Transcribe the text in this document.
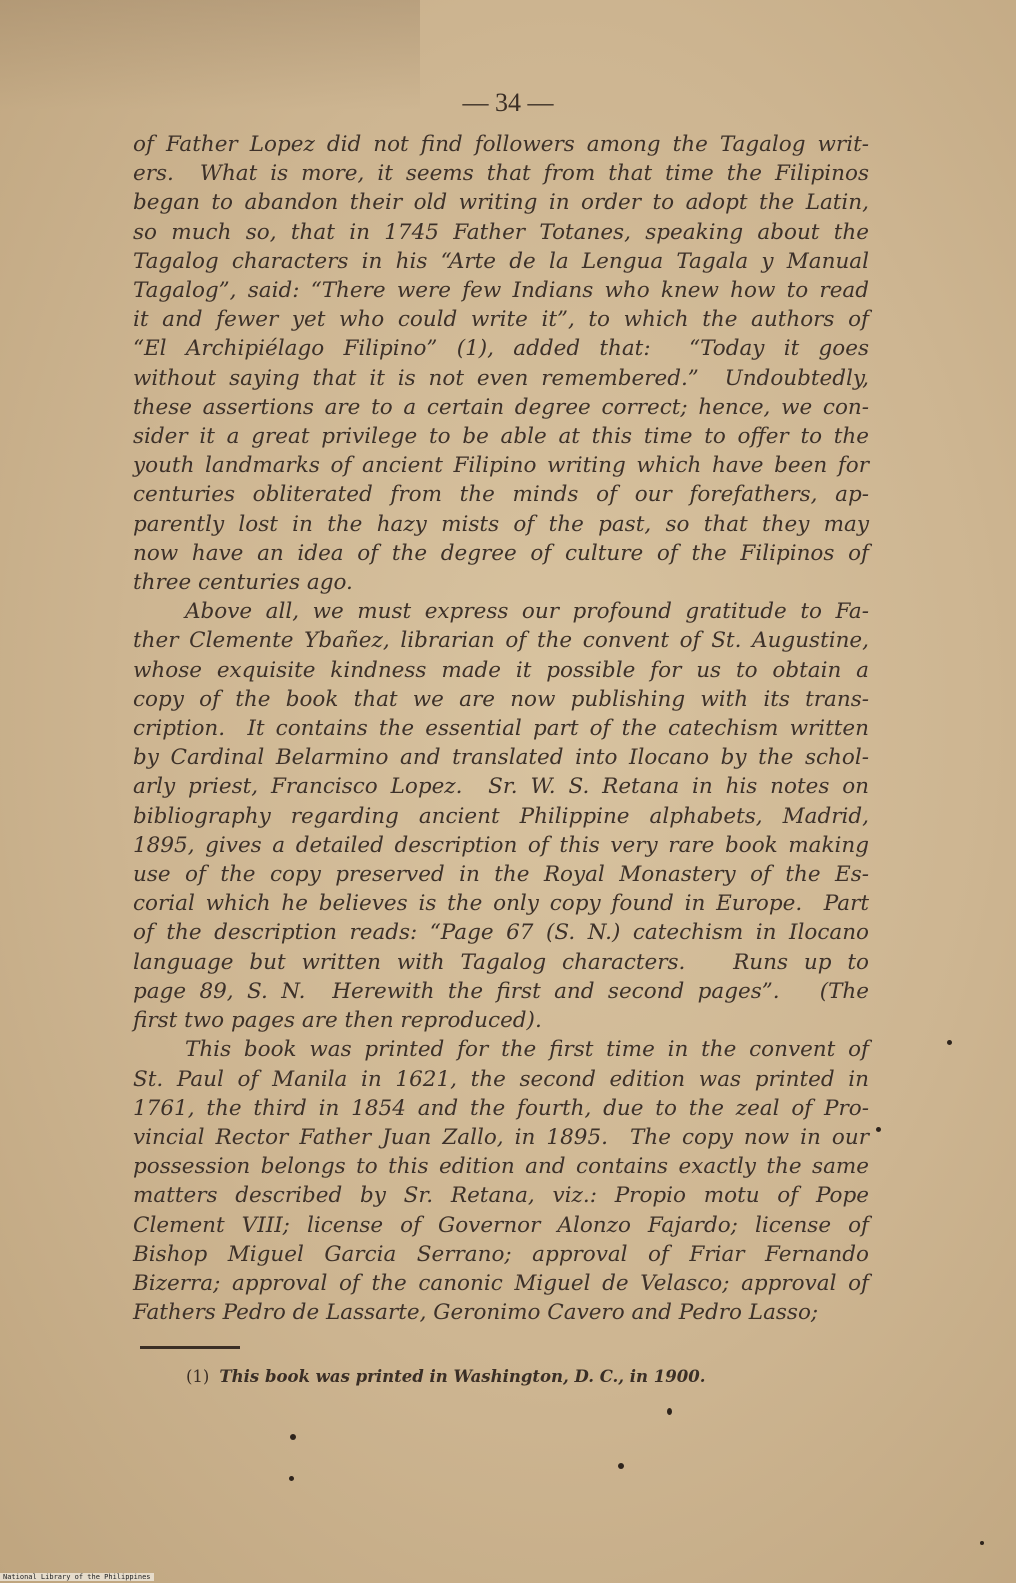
— 34 —
of Father Lopez did not find followers among the Tagalog writ-
ers.  What is more, it seems that from that time the Filipinos
began to abandon their old writing in order to adopt the Latin,
so much so, that in 1745 Father Totanes, speaking about the
Tagalog characters in his “Arte de la Lengua Tagala y Manual
Tagalog”, said: “There were few Indians who knew how to read
it and fewer yet who could write it”, to which the authors of
“El Archipiélago Filipino” (1), added that:  “Today it goes
without saying that it is not even remembered.”  Undoubtedly,
these assertions are to a certain degree correct; hence, we con-
sider it a great privilege to be able at this time to offer to the
youth landmarks of ancient Filipino writing which have been for
centuries obliterated from the minds of our forefathers, ap-
parently lost in the hazy mists of the past, so that they may
now have an idea of the degree of culture of the Filipinos of
three centuries ago.
Above all, we must express our profound gratitude to Fa-
ther Clemente Ybañez, librarian of the convent of St. Augustine,
whose exquisite kindness made it possible for us to obtain a
copy of the book that we are now publishing with its trans-
cription.  It contains the essential part of the catechism written
by Cardinal Belarmino and translated into Ilocano by the schol-
arly priest, Francisco Lopez.  Sr. W. S. Retana in his notes on
bibliography regarding ancient Philippine alphabets, Madrid,
1895, gives a detailed description of this very rare book making
use of the copy preserved in the Royal Monastery of the Es-
corial which he believes is the only copy found in Europe.  Part
of the description reads: “Page 67 (S. N.) catechism in Ilocano
language but written with Tagalog characters.   Runs up to
page 89, S. N.  Herewith the first and second pages”.   (The
first two pages are then reproduced).
This book was printed for the first time in the convent of
St. Paul of Manila in 1621, the second edition was printed in
1761, the third in 1854 and the fourth, due to the zeal of Pro-
vincial Rector Father Juan Zallo, in 1895.  The copy now in our
possession belongs to this edition and contains exactly the same
matters described by Sr. Retana, viz.: Propio motu of Pope
Clement VIII; license of Governor Alonzo Fajardo; license of
Bishop Miguel Garcia Serrano; approval of Friar Fernando
Bizerra; approval of the canonic Miguel de Velasco; approval of
Fathers Pedro de Lassarte, Geronimo Cavero and Pedro Lasso;
(1) This book was printed in Washington, D. C., in 1900.
National Library of the Philippines
